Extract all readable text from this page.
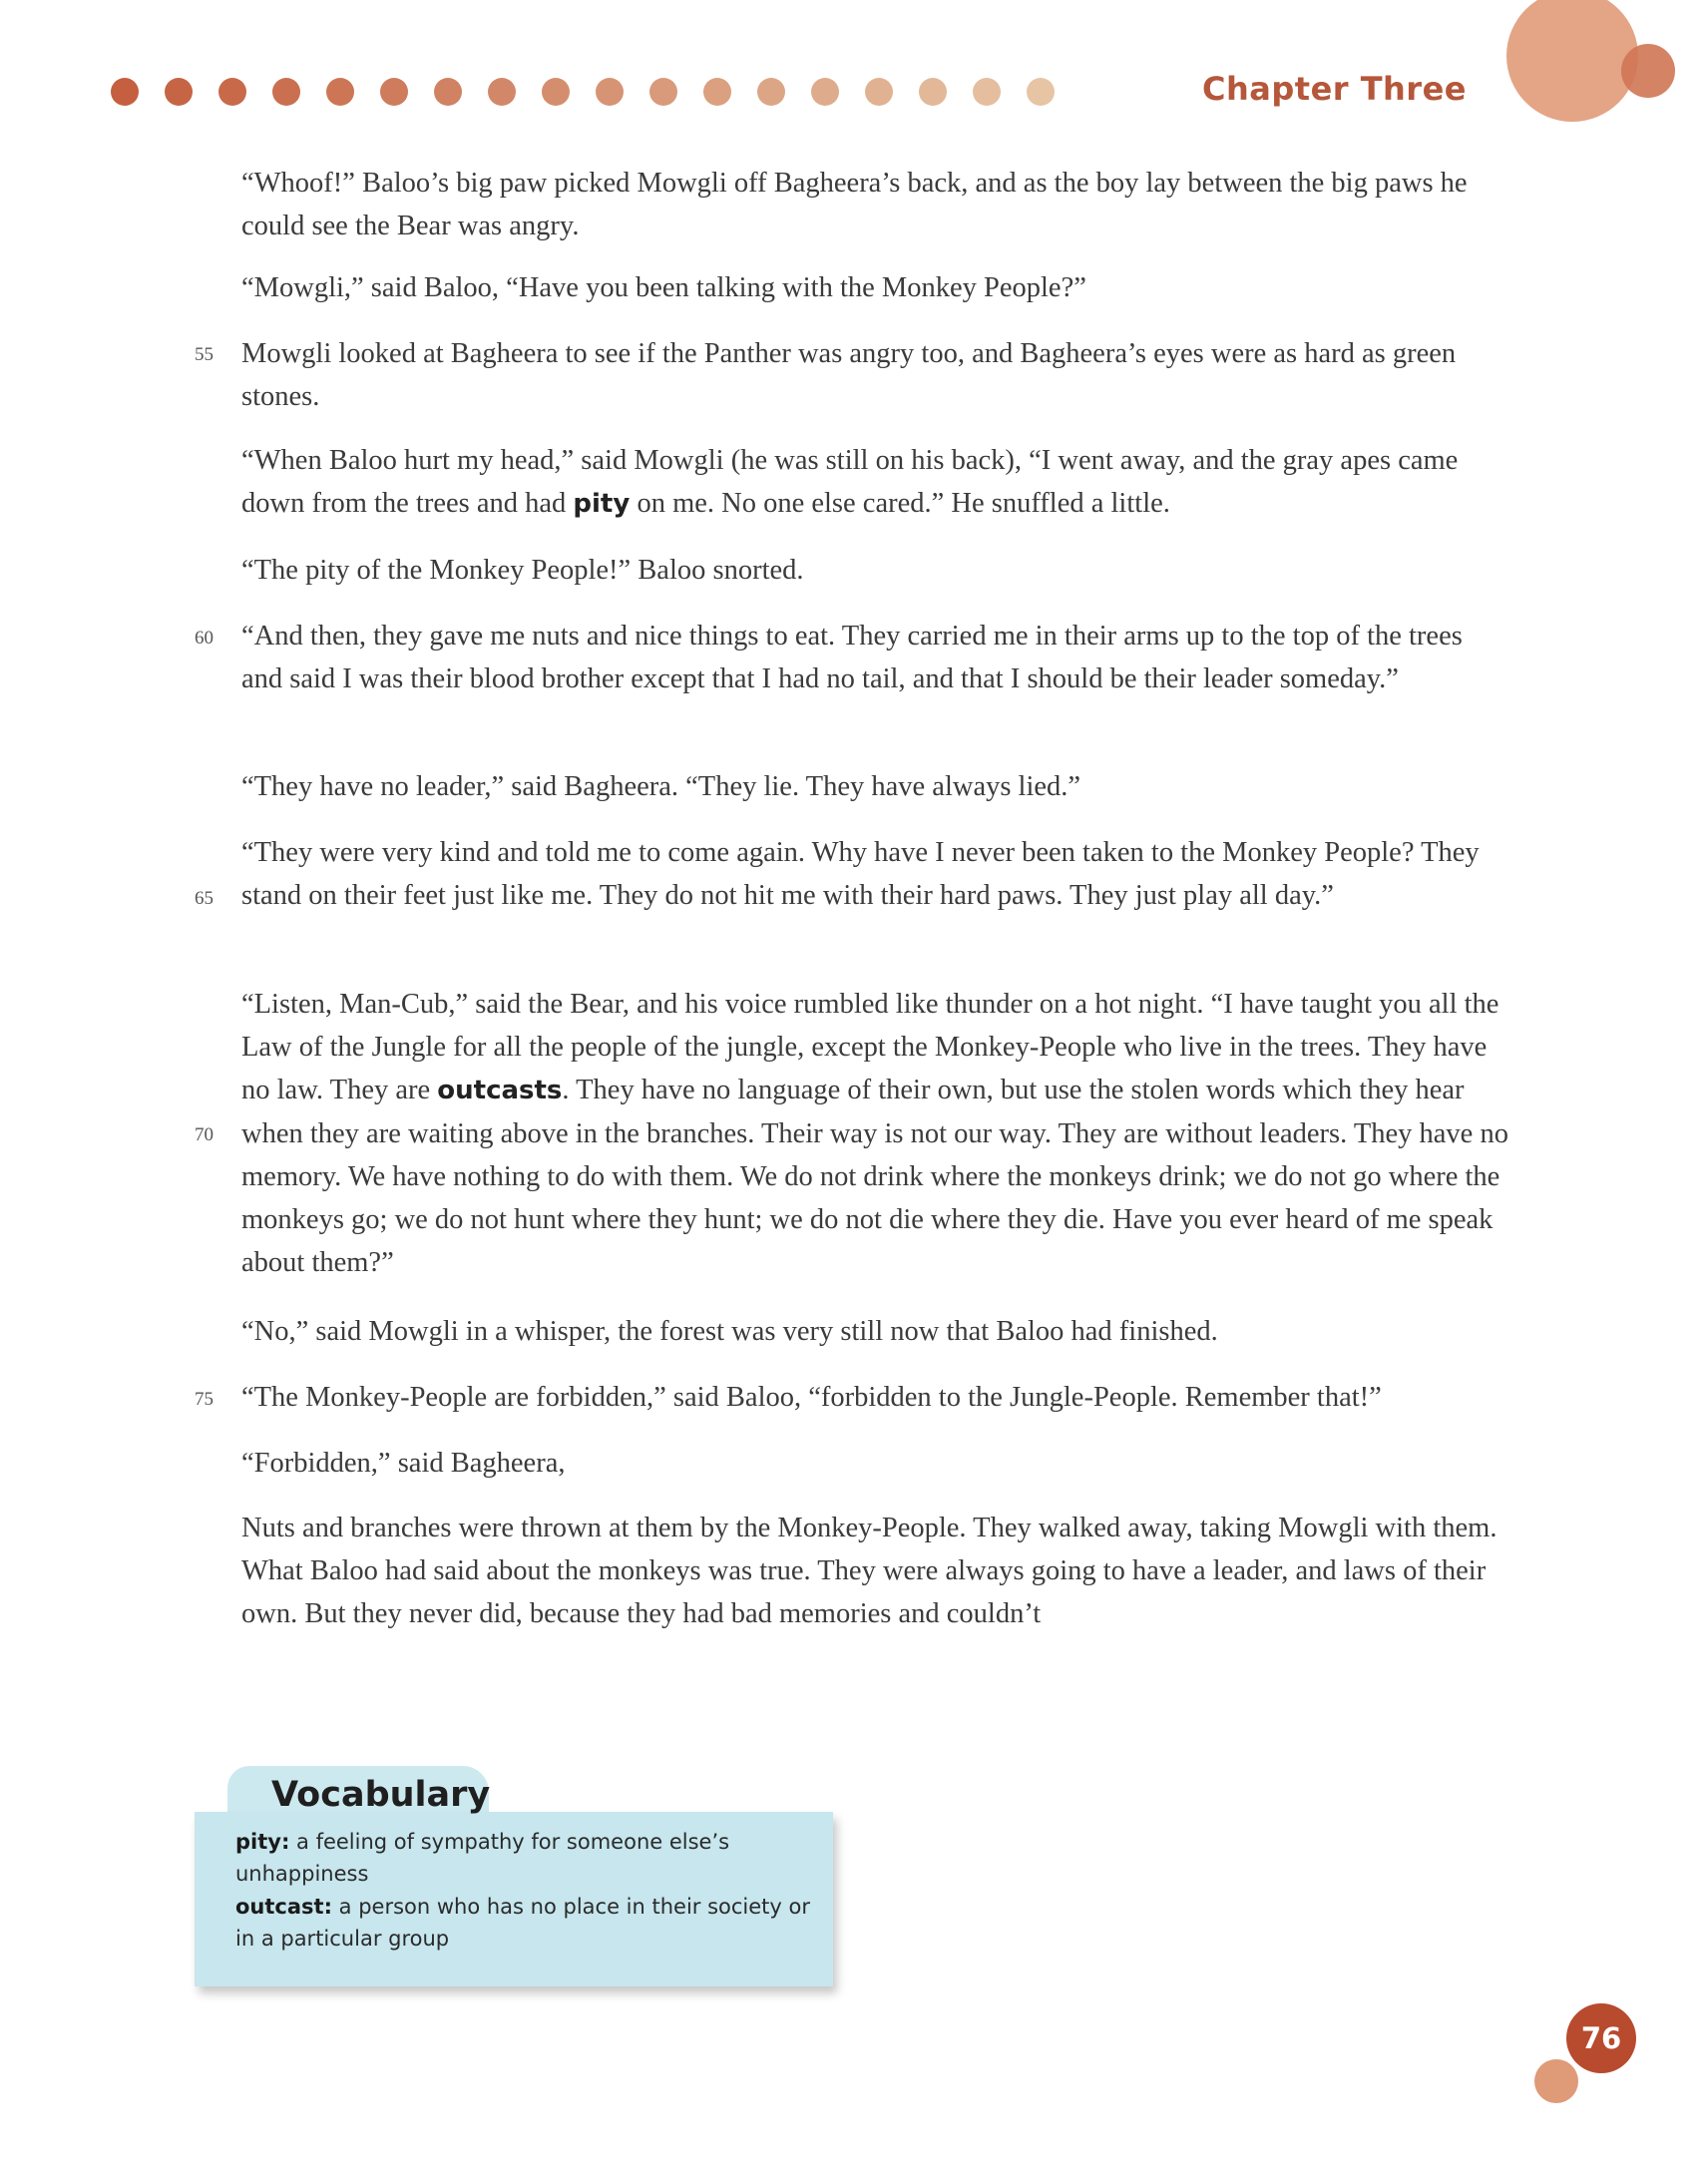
Chapter Three

“Whoof!” Baloo’s big paw picked Mowgli off Bagheera’s back, and as the boy lay between the big paws he could see the Bear was angry.

“Mowgli,” said Baloo, “Have you been talking with the Monkey People?”

Mowgli looked at Bagheera to see if the Panther was angry too, and Bagheera’s eyes were as hard as green stones.

“When Baloo hurt my head,” said Mowgli (he was still on his back), “I went away, and the gray apes came down from the trees and had pity on me. No one else cared.” He snuffled a little.

“The pity of the Monkey People!” Baloo snorted.

“And then, they gave me nuts and nice things to eat. They carried me in their arms up to the top of the trees and said I was their blood brother except that I had no tail, and that I should be their leader someday.”

“They have no leader,” said Bagheera. “They lie. They have always lied.”

“They were very kind and told me to come again. Why have I never been taken to the Monkey People? They stand on their feet just like me. They do not hit me with their hard paws. They just play all day.”

“Listen, Man-Cub,” said the Bear, and his voice rumbled like thunder on a hot night. “I have taught you all the Law of the Jungle for all the people of the jungle, except the Monkey-People who live in the trees. They have no law. They are outcasts. They have no language of their own, but use the stolen words which they hear when they are waiting above in the branches. Their way is not our way. They are without leaders. They have no memory. We have nothing to do with them. We do not drink where the monkeys drink; we do not go where the monkeys go; we do not hunt where they hunt; we do not die where they die. Have you ever heard of me speak about them?”

“No,” said Mowgli in a whisper, the forest was very still now that Baloo had finished.

“The Monkey-People are forbidden,” said Baloo, “forbidden to the Jungle-People. Remember that!”

“Forbidden,” said Bagheera,

Nuts and branches were thrown at them by the Monkey-People. They walked away, taking Mowgli with them. What Baloo had said about the monkeys was true. They were always going to have a leader, and laws of their own. But they never did, because they had bad memories and couldn’t

55
60
65
70
75
Vocabulary

pity: a feeling of sympathy for someone else’s unhappiness

outcast: a person who has no place in their society or in a particular group

76
